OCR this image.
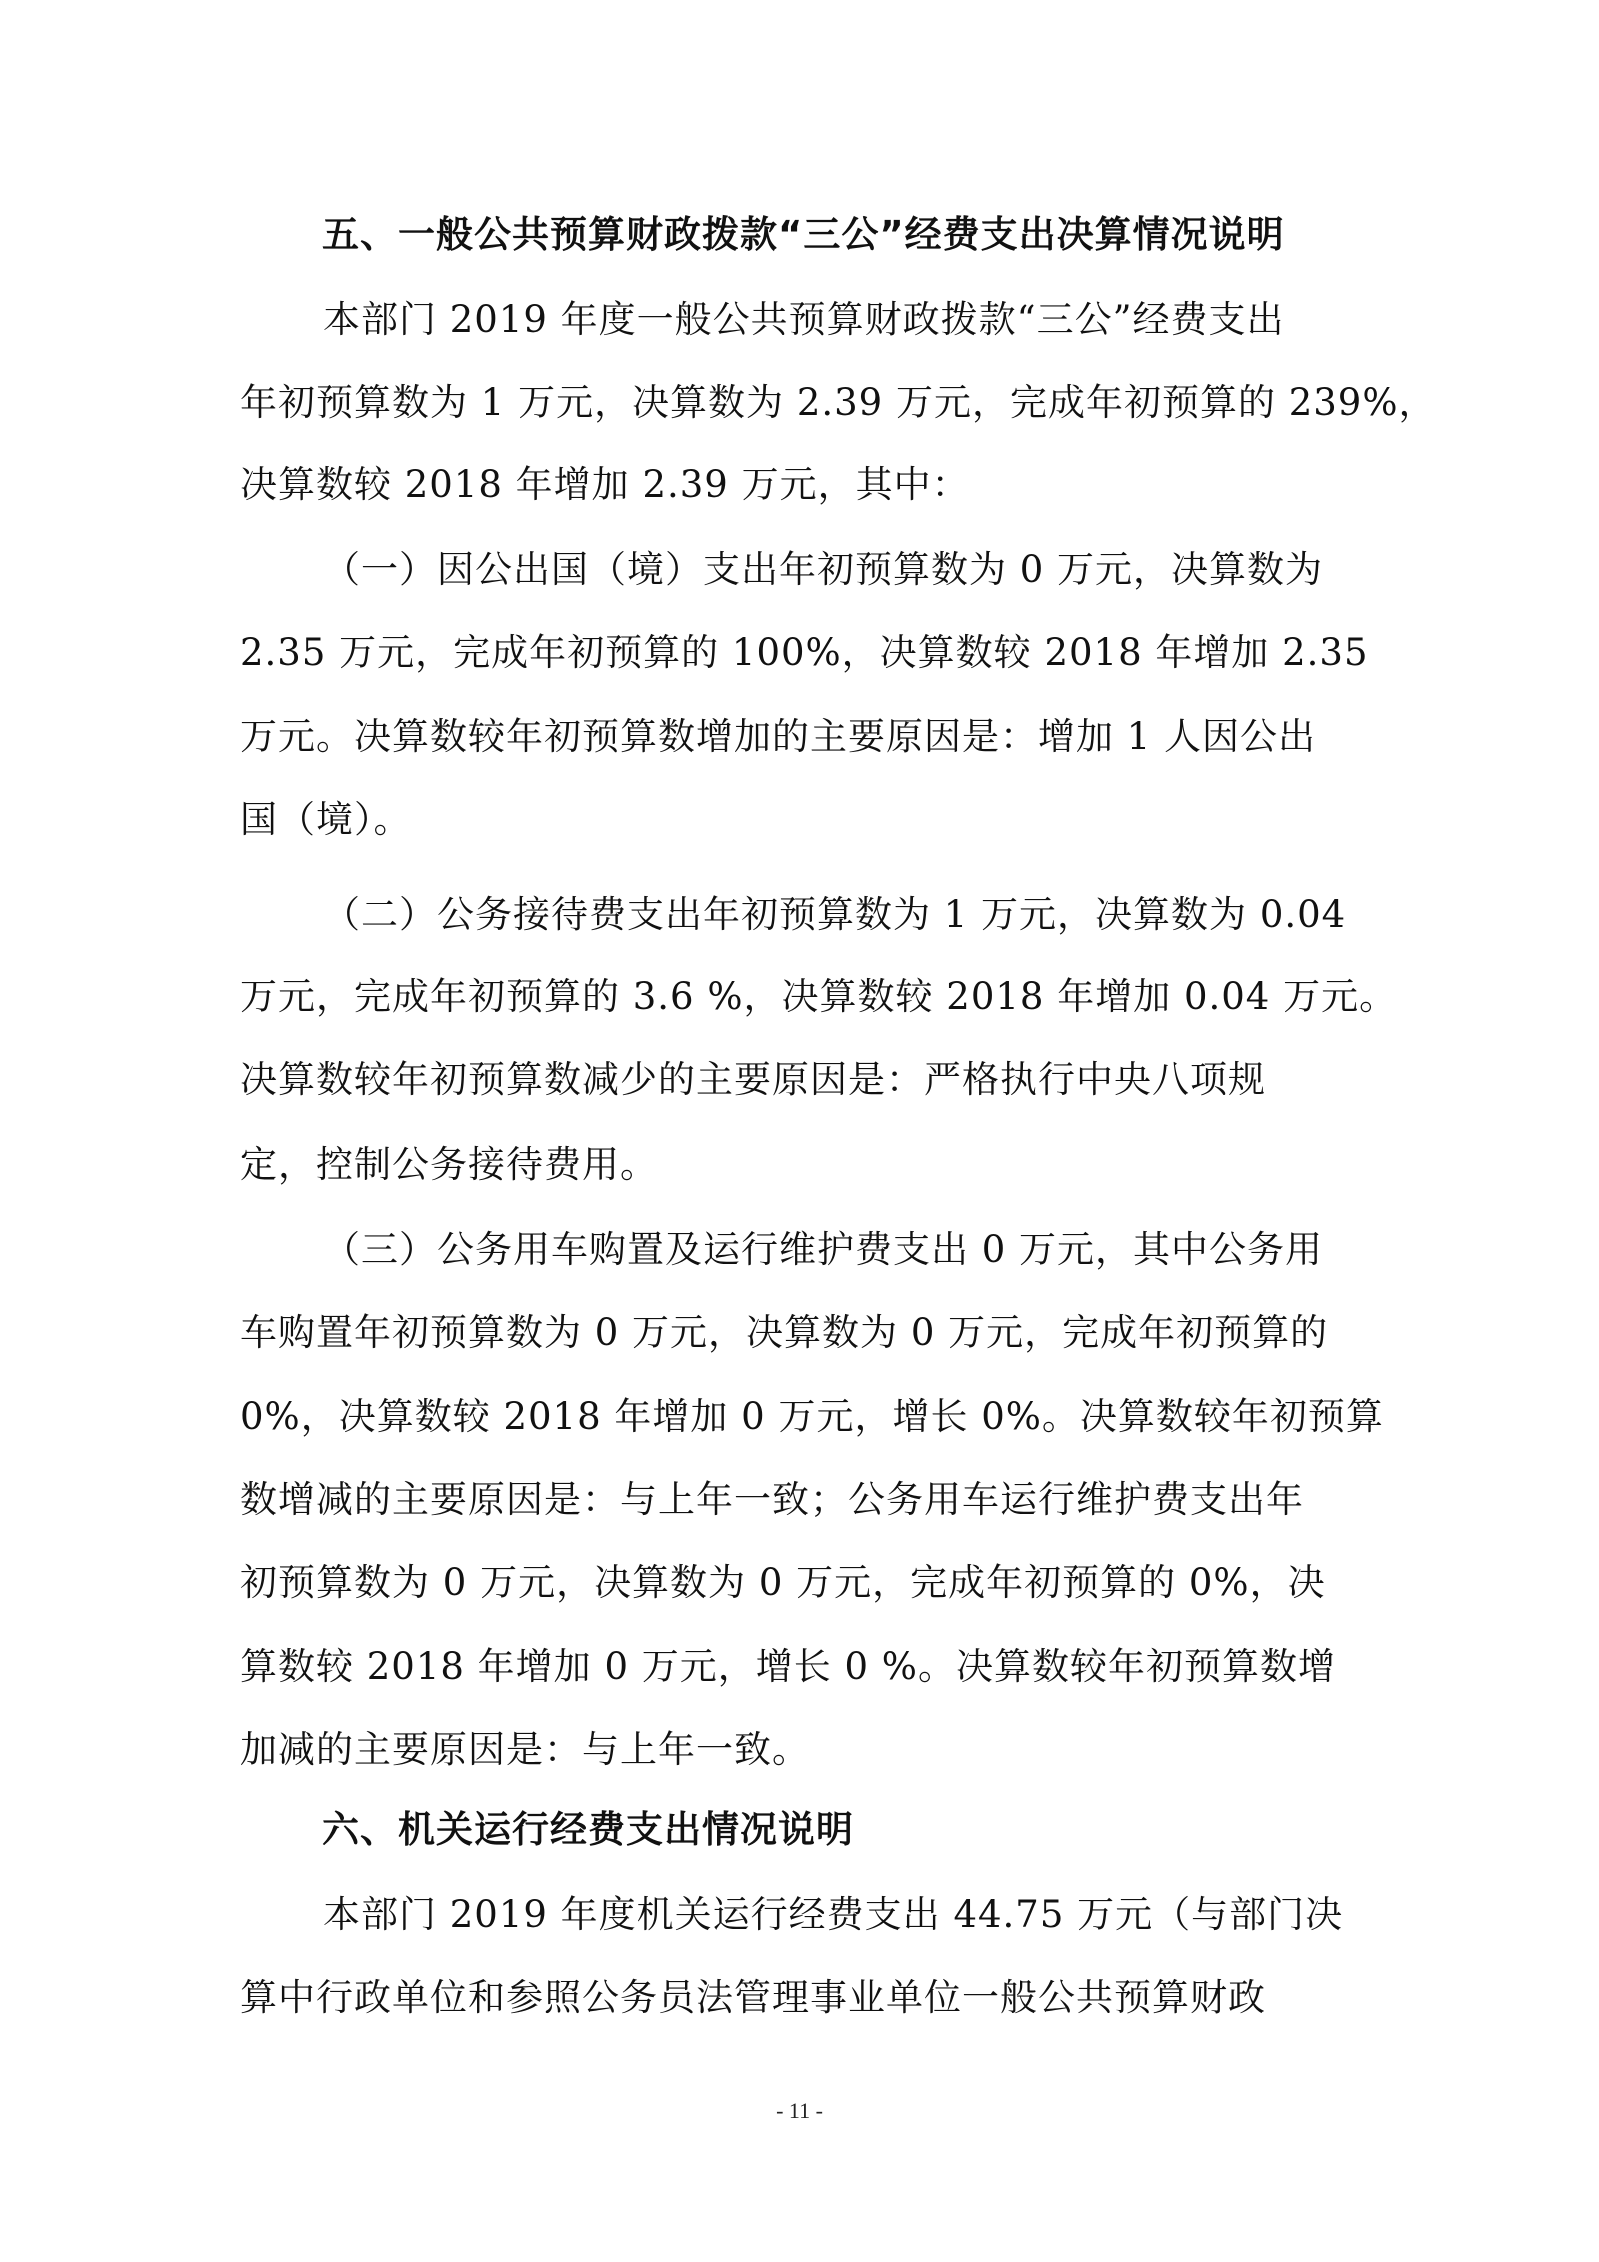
五、一般公共预算财政拨款“三公”经费支出决算情况说明
本部门 2019 年度一般公共预算财政拨款“三公”经费支出
年初预算数为 1 万元，决算数为 2.39 万元，完成年初预算的 239%，
决算数较 2018 年增加 2.39 万元，其中：
（一）因公出国（境）支出年初预算数为 0 万元，决算数为
2.35 万元，完成年初预算的 100%，决算数较 2018 年增加 2.35
万元。决算数较年初预算数增加的主要原因是：增加 1 人因公出
国（境）。
（二）公务接待费支出年初预算数为 1 万元，决算数为 0.04
万元，完成年初预算的 3.6 %，决算数较 2018 年增加 0.04 万元。
决算数较年初预算数减少的主要原因是：严格执行中央八项规
定，控制公务接待费用。
（三）公务用车购置及运行维护费支出 0 万元，其中公务用
车购置年初预算数为 0 万元，决算数为 0 万元，完成年初预算的
0%，决算数较 2018 年增加 0 万元，增长 0%。决算数较年初预算
数增减的主要原因是：与上年一致；公务用车运行维护费支出年
初预算数为 0 万元，决算数为 0 万元，完成年初预算的 0%，决
算数较 2018 年增加 0 万元，增长 0 %。决算数较年初预算数增
加减的主要原因是：与上年一致。
六、机关运行经费支出情况说明
本部门 2019 年度机关运行经费支出 44.75 万元（与部门决
算中行政单位和参照公务员法管理事业单位一般公共预算财政
- 11 -
